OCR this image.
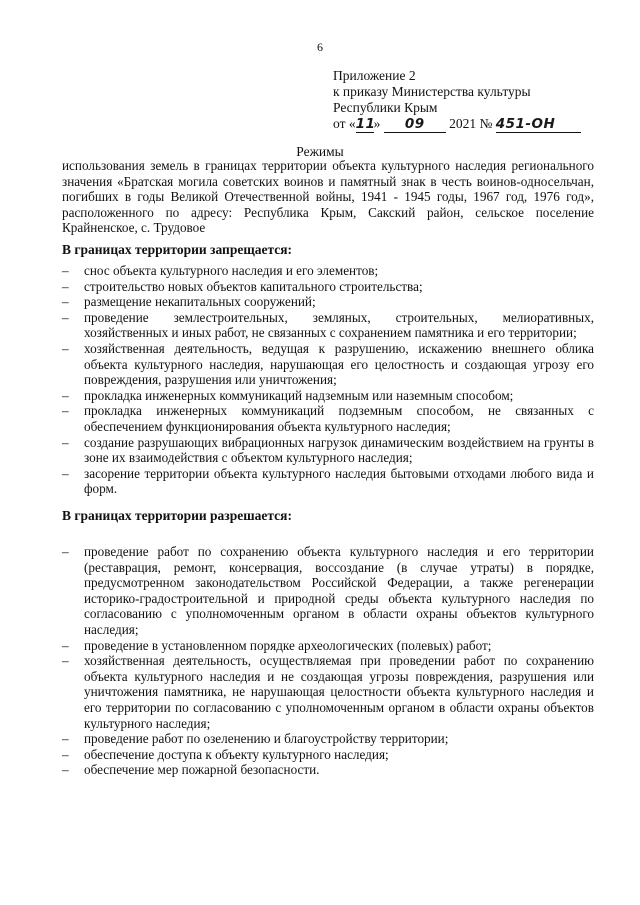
6
Приложение 2
к приказу Министерства культуры
Республики Крым
от «11» 09 2021 № 451-ОН
Режимы
использования земель в границах территории объекта культурного наследия регионального значения «Братская могила советских воинов и памятный знак в честь воинов-односельчан, погибших в годы Великой Отечественной войны, 1941 - 1945 годы, 1967 год, 1976 год», расположенного по адресу: Республика Крым, Сакский район, сельское поселение Крайненское, с. Трудовое
В границах территории запрещается:
– снос объекта культурного наследия и его элементов;
– строительство новых объектов капитального строительства;
– размещение некапитальных сооружений;
– проведение землестроительных, земляных, строительных, мелиоративных, хозяйственных и иных работ, не связанных с сохранением памятника и его территории;
– хозяйственная деятельность, ведущая к разрушению, искажению внешнего облика объекта культурного наследия, нарушающая его целостность и создающая угрозу его повреждения, разрушения или уничтожения;
– прокладка инженерных коммуникаций надземным или наземным способом;
– прокладка инженерных коммуникаций подземным способом, не связанных с обеспечением функционирования объекта культурного наследия;
– создание разрушающих вибрационных нагрузок динамическим воздействием на грунты в зоне их взаимодействия с объектом культурного наследия;
– засорение территории объекта культурного наследия бытовыми отходами любого вида и форм.
В границах территории разрешается:
– проведение работ по сохранению объекта культурного наследия и его территории (реставрация, ремонт, консервация, воссоздание (в случае утраты) в порядке, предусмотренном законодательством Российской Федерации, а также регенерации историко-градостроительной и природной среды объекта культурного наследия по согласованию с уполномоченным органом в области охраны объектов культурного наследия;
– проведение в установленном порядке археологических (полевых) работ;
– хозяйственная деятельность, осуществляемая при проведении работ по сохранению объекта культурного наследия и не создающая угрозы повреждения, разрушения или уничтожения памятника, не нарушающая целостности объекта культурного наследия и его территории по согласованию с уполномоченным органом в области охраны объектов культурного наследия;
– проведение работ по озеленению и благоустройству территории;
– обеспечение доступа к объекту культурного наследия;
– обеспечение мер пожарной безопасности.
